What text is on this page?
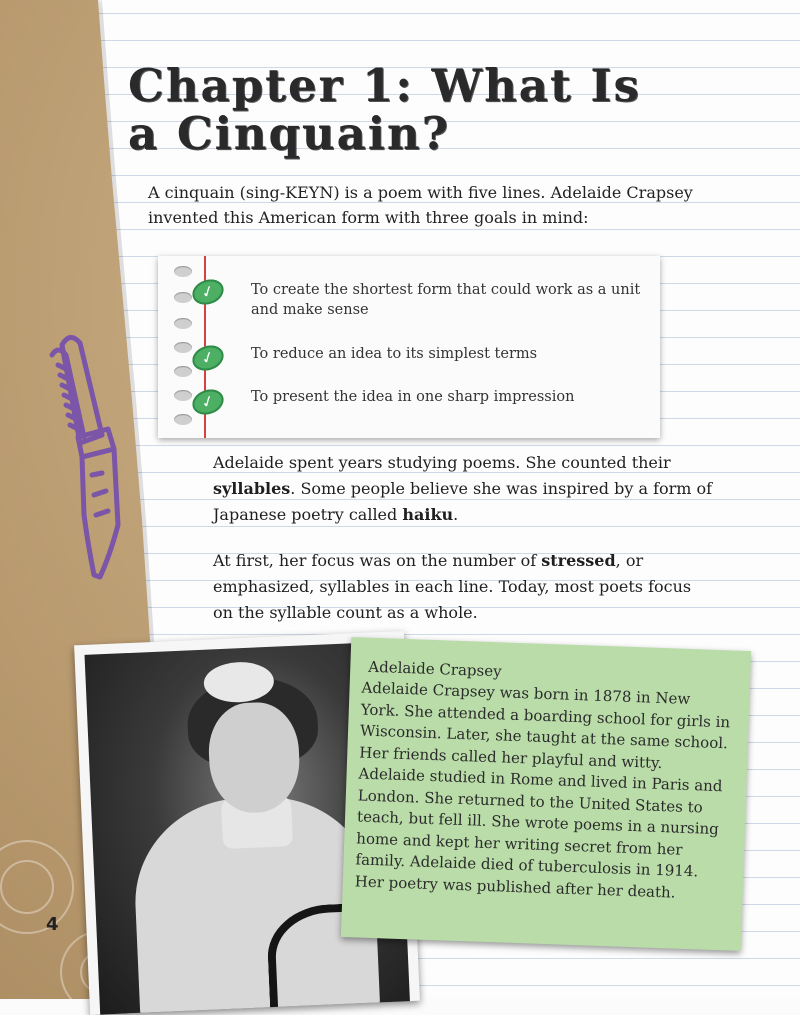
Chapter 1: What Is a Cinquain?

A cinquain (sing-KEYN) is a poem with five lines. Adelaide Crapsey invented this American form with three goals in mind:

✓
✓
✓

To create the shortest form that could work as a unit and make sense

To reduce an idea to its simplest terms

To present the idea in one sharp impression

Adelaide spent years studying poems. She counted their syllables. Some people believe she was inspired by a form of Japanese poetry called haiku.

At first, her focus was on the number of stressed, or emphasized, syllables in each line. Today, most poets focus on the syllable count as a whole.

Adelaide Crapsey

Adelaide Crapsey was born in 1878 in New York. She attended a boarding school for girls in Wisconsin. Later, she taught at the same school. Her friends called her playful and witty. Adelaide studied in Rome and lived in Paris and London. She returned to the United States to teach, but fell ill. She wrote poems in a nursing home and kept her writing secret from her family. Adelaide died of tuberculosis in 1914. Her poetry was published after her death.

4
